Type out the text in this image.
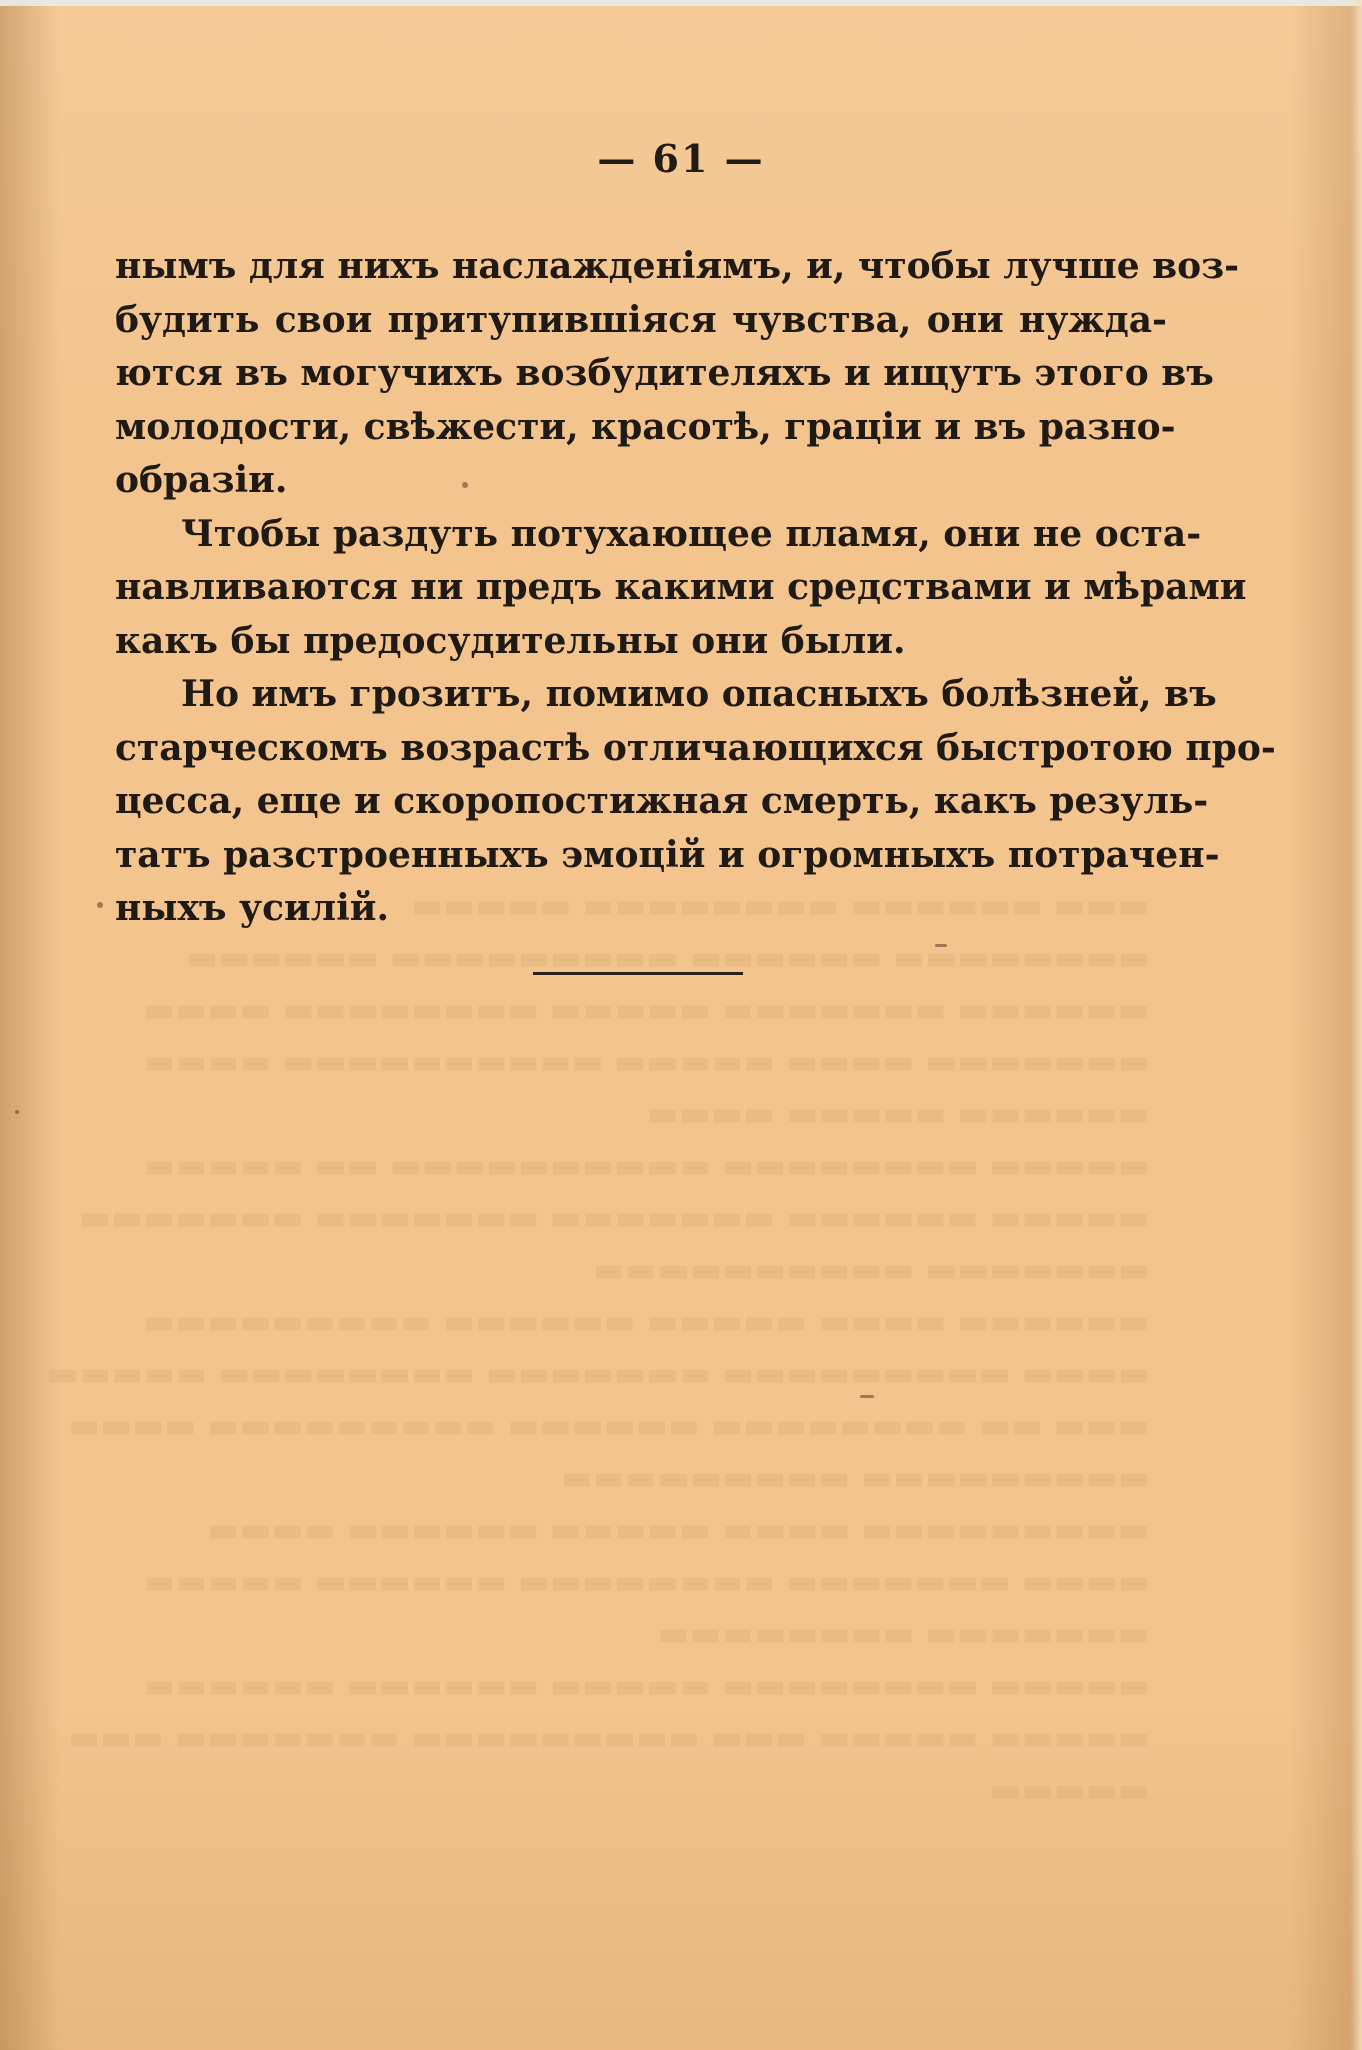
▬▬▬ ▬▬▬▬▬▬ ▬▬▬▬▬▬▬▬ ▬▬▬▬▬
▬▬▬▬▬▬▬▬ ▬▬▬▬▬▬ ▬▬▬▬▬▬▬▬▬ ▬▬▬▬▬▬
▬▬▬▬▬▬ ▬▬▬▬▬▬▬ ▬▬▬▬▬ ▬▬▬▬▬▬▬▬ ▬▬▬▬
▬▬▬▬▬▬▬ ▬▬▬▬ ▬▬▬▬▬ ▬▬▬▬▬▬▬▬▬▬ ▬▬▬▬
▬▬▬▬▬▬ ▬▬▬▬▬ ▬▬▬▬
▬▬▬▬▬ ▬▬▬▬▬▬▬▬ ▬▬▬▬▬▬▬▬▬▬ ▬▬ ▬▬▬▬▬
▬▬▬▬▬ ▬▬▬▬▬▬ ▬▬▬▬▬▬▬ ▬▬▬▬▬▬▬ ▬▬▬▬▬▬▬
▬▬▬▬▬▬▬ ▬▬▬▬▬▬▬▬▬▬
▬▬▬▬▬▬ ▬▬▬▬ ▬▬▬▬▬ ▬▬▬▬▬▬ ▬▬▬▬▬▬▬▬▬
▬▬▬▬ ▬▬▬▬▬▬▬▬▬ ▬▬▬▬▬▬▬ ▬▬▬▬▬▬▬▬ ▬▬▬▬▬
▬▬▬ ▬▬ ▬▬▬▬▬▬▬▬ ▬▬▬▬▬▬ ▬▬▬▬▬▬▬▬▬ ▬▬▬▬
▬▬▬▬▬▬▬▬▬ ▬▬▬▬▬▬▬▬▬
▬▬▬▬▬▬▬▬▬ ▬▬▬▬ ▬▬▬▬▬ ▬▬▬▬▬▬ ▬▬▬▬
▬▬▬▬ ▬▬▬▬▬▬▬ ▬▬▬▬▬▬▬▬ ▬▬▬▬▬▬ ▬▬▬▬▬
▬▬▬▬▬▬▬ ▬▬▬▬▬▬▬▬
▬▬▬▬▬ ▬▬▬▬▬▬▬▬ ▬▬▬▬▬ ▬▬▬▬▬▬ ▬▬▬▬▬▬
▬▬▬▬▬ ▬▬▬▬▬ ▬▬▬ ▬▬▬▬▬▬▬▬▬ ▬▬▬▬▬▬▬ ▬▬▬
▬▬▬▬▬
— 61 —
нымъ для нихъ наслажденiямъ, и, чтобы лучше воз-
будить свои притупившiяся чувства, они нужда-
ются въ могучихъ возбудителяхъ и ищутъ этого въ
молодости, свѣжести, красотѣ, грацiи и въ разно-
образiи.
Чтобы раздуть потухающее пламя, они не оста-
навливаются ни предъ какими средствами и мѣрами
какъ бы предосудительны они были.
Но имъ грозитъ, помимо опасныхъ болѣзней, въ
старческомъ возрастѣ отличающихся быстротою про-
цесса, еще и скоропостижная смерть, какъ резуль-
татъ разстроенныхъ эмоцiй и огромныхъ потрачен-
ныхъ усилiй.
